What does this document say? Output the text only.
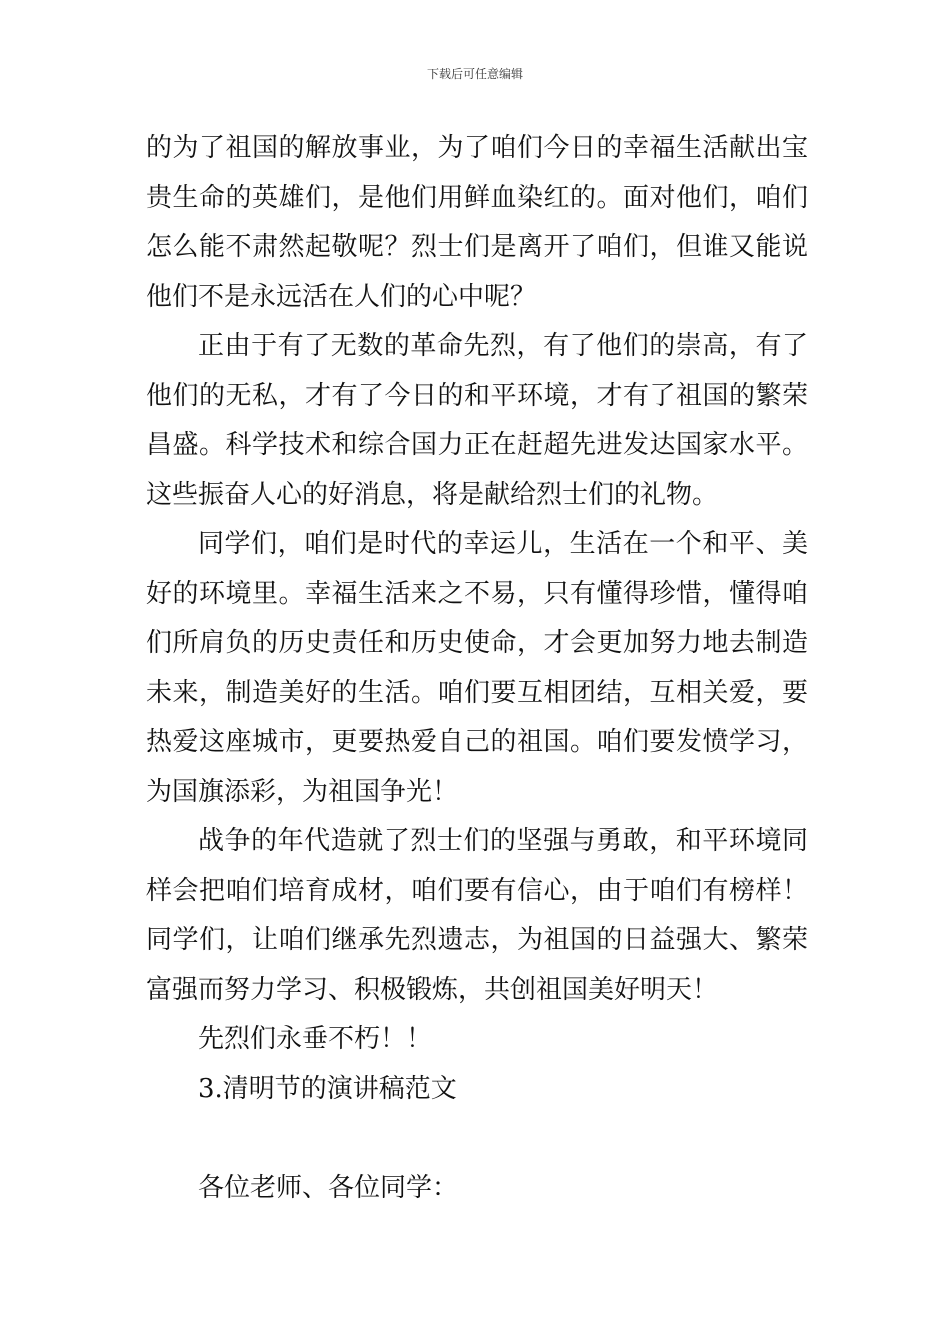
下载后可任意编辑

的为了祖国的解放事业，为了咱们今日的幸福生活献出宝贵生命的英雄们，是他们用鲜血染红的。面对他们，咱们怎么能不肃然起敬呢？烈士们是离开了咱们，但谁又能说他们不是永远活在人们的心中呢？

正由于有了无数的革命先烈，有了他们的崇高，有了他们的无私，才有了今日的和平环境，才有了祖国的繁荣昌盛。科学技术和综合国力正在赶超先进发达国家水平。这些振奋人心的好消息，将是献给烈士们的礼物。

同学们，咱们是时代的幸运儿，生活在一个和平、美好的环境里。幸福生活来之不易，只有懂得珍惜，懂得咱们所肩负的历史责任和历史使命，才会更加努力地去制造未来，制造美好的生活。咱们要互相团结，互相关爱，要热爱这座城市，更要热爱自己的祖国。咱们要发愤学习，为国旗添彩，为祖国争光！

战争的年代造就了烈士们的坚强与勇敢，和平环境同样会把咱们培育成材，咱们要有信心，由于咱们有榜样！同学们，让咱们继承先烈遗志，为祖国的日益强大、繁荣富强而努力学习、积极锻炼，共创祖国美好明天！

先烈们永垂不朽！！

3.清明节的演讲稿范文

各位老师、各位同学：
